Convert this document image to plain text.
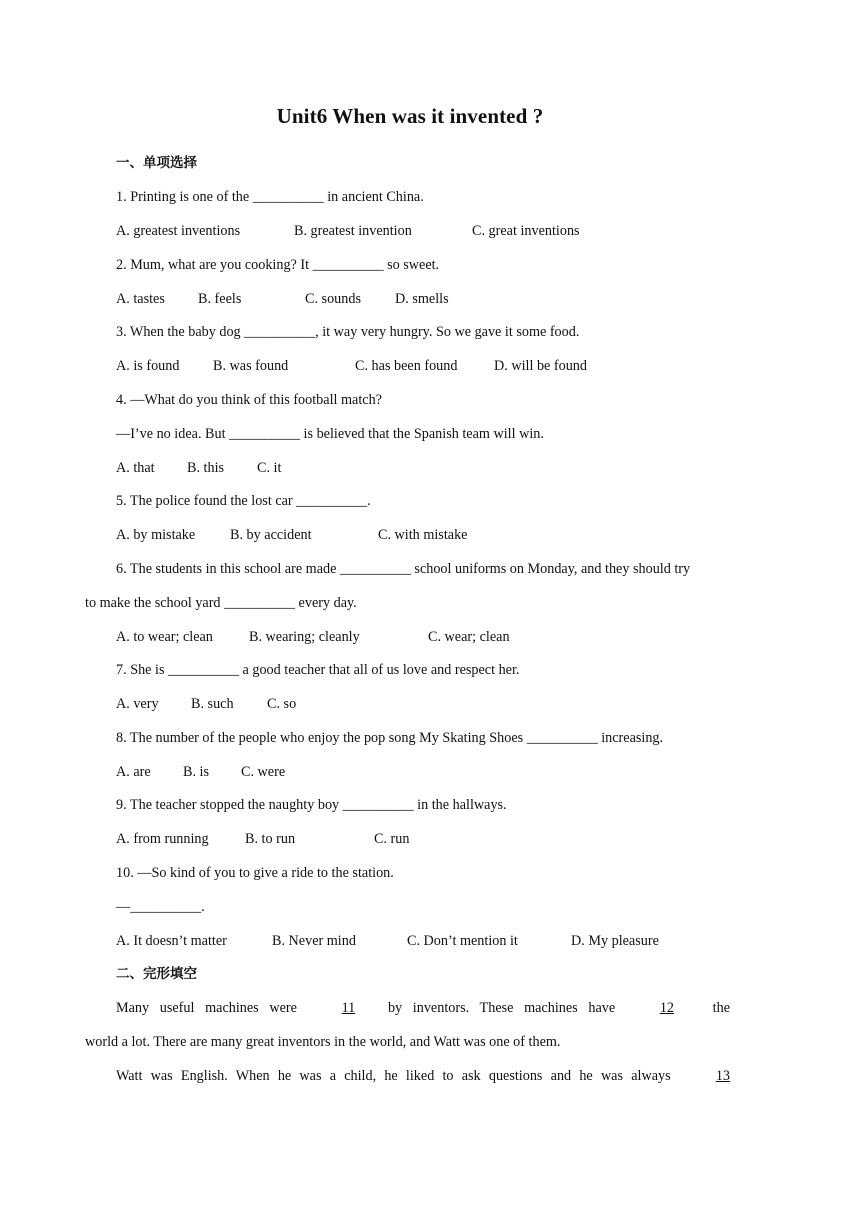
Unit6 When was it invented ?
一、单项选择
1. Printing is one of the __________ in ancient China.
A. greatest inventions	B. greatest invention	C. great inventions
2. Mum, what are you cooking? It __________ so sweet.
A. tastes B. feels	C. sounds D. smells
3. When the baby dog __________, it way very hungry. So we gave it some food.
A. is found B. was found	C. has been found	D. will be found
4. —What do you think of this football match?
—I’ve no idea. But __________ is believed that the Spanish team will win.
A. that B. this C. it
5. The police found the lost car __________.
A. by mistake B. by accident	C. with mistake
6. The students in this school are made __________ school uniforms on Monday, and they should try
to make the school yard __________ every day.
A. to wear; clean	B. wearing; cleanly	C. wear; clean
7. She is __________ a good teacher that all of us love and respect her.
A. very B. such C. so
8. The number of the people who enjoy the pop song My Skating Shoes __________ increasing.
A. are B. is C. were
9. The teacher stopped the naughty boy __________ in the hallways.
A. from running	B. to run	C. run
10. —So kind of you to give a ride to the station.
—__________.
A. It doesn’t matter	B. Never mind	C. Don’t mention it	D. My pleasure
二、完形填空
Many useful machines were	11 by inventors. These machines have	12	the
world a lot. There are many great inventors in the world, and Watt was one of them.
Watt was English. When he was a child, he liked to ask questions and he was always	13
